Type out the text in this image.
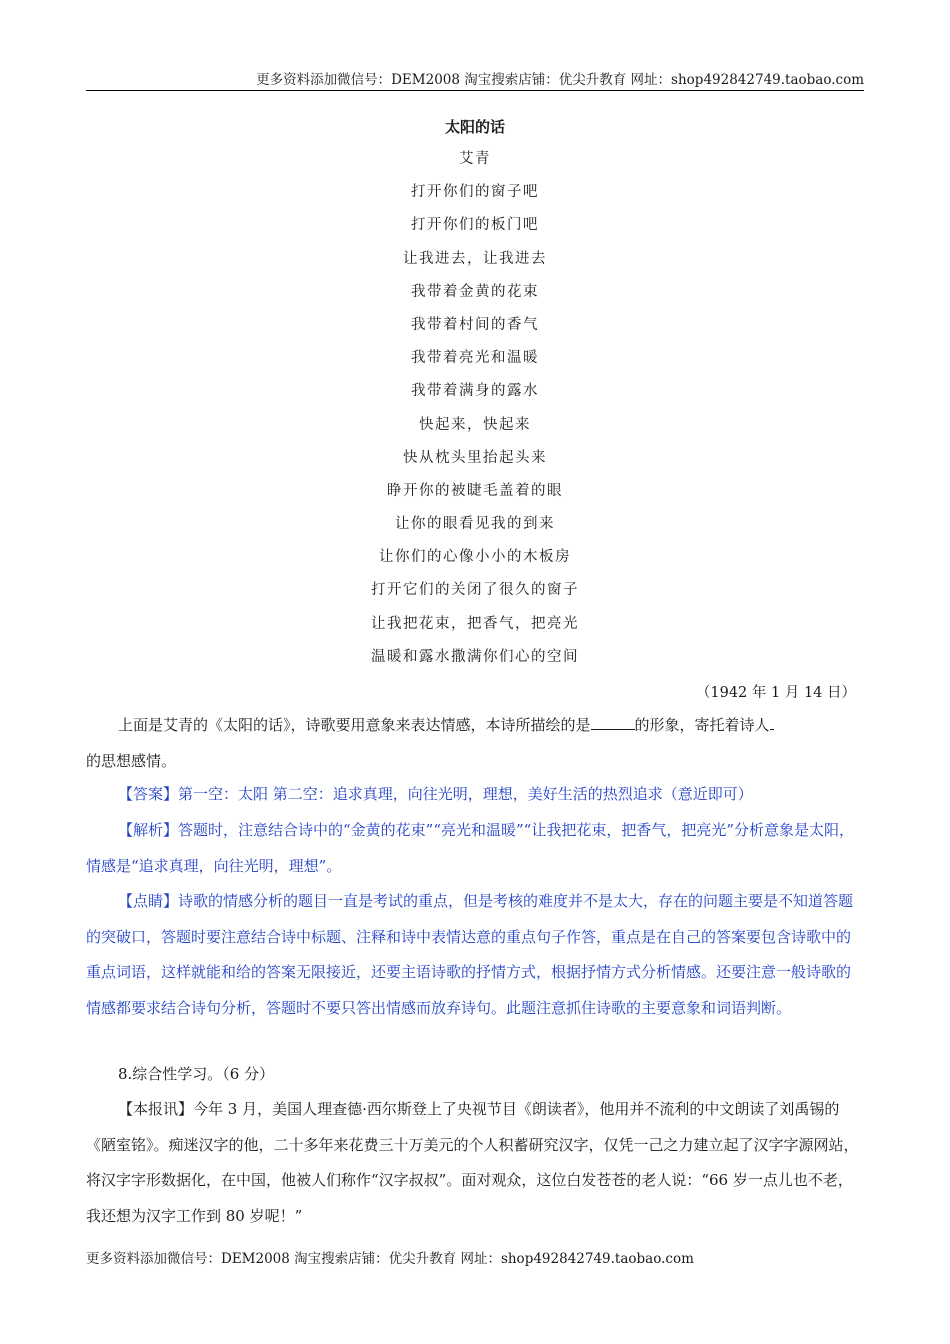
更多资料添加微信号：DEM2008 淘宝搜索店铺：优尖升教育 网址：shop492842749.taobao.com
太阳的话
艾青
打开你们的窗子吧
打开你们的板门吧
让我进去，让我进去
我带着金黄的花束
我带着村间的香气
我带着亮光和温暖
我带着满身的露水
快起来，快起来
快从枕头里抬起头来
睁开你的被睫毛盖着的眼
让你的眼看见我的到来
让你们的心像小小的木板房
打开它们的关闭了很久的窗子
让我把花束，把香气，把亮光
温暖和露水撒满你们心的空间
（1942 年 1 月 14 日）
上面是艾青的《太阳的话》，诗歌要用意象来表达情感，本诗所描绘的是	的形象，寄托着诗人
的思想感情。
【答案】第一空：太阳 第二空：追求真理，向往光明，理想，美好生活的热烈追求（意近即可）
【解析】答题时，注意结合诗中的“金黄的花束”“亮光和温暖”“让我把花束，把香气，把亮光”分析意象是太阳，情感是“追求真理，向往光明，理想”。
【点睛】诗歌的情感分析的题目一直是考试的重点，但是考核的难度并不是太大，存在的问题主要是不知道答题的突破口，答题时要注意结合诗中标题、注释和诗中表情达意的重点句子作答，重点是在自己的答案要包含诗歌中的重点词语，这样就能和给的答案无限接近，还要主语诗歌的抒情方式，根据抒情方式分析情感。还要注意一般诗歌的情感都要求结合诗句分析，答题时不要只答出情感而放弃诗句。此题注意抓住诗歌的主要意象和词语判断。
8.综合性学习。（6 分）
【本报讯】今年 3 月，美国人理查德·西尔斯登上了央视节目《朗读者》，他用并不流利的中文朗读了刘禹锡的《陋室铭》。痴迷汉字的他，二十多年来花费三十万美元的个人积蓄研究汉字，仅凭一己之力建立起了汉字字源网站，将汉字字形数据化，在中国，他被人们称作“汉字叔叔”。面对观众，这位白发苍苍的老人说：“66 岁一点儿也不老，我还想为汉字工作到 80 岁呢！”
更多资料添加微信号：DEM2008 淘宝搜索店铺：优尖升教育 网址：shop492842749.taobao.com
